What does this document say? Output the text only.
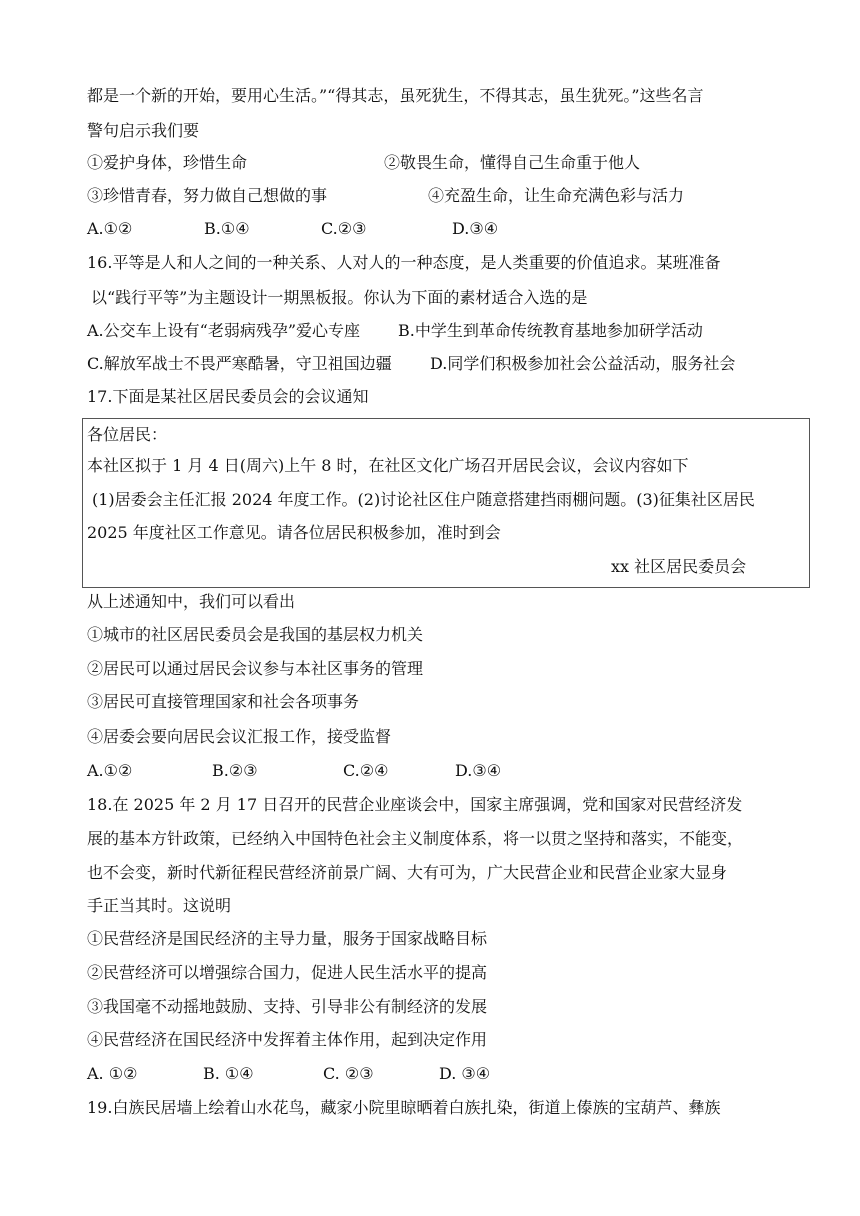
都是一个新的开始，要用心生活。”“得其志，虽死犹生，不得其志，虽生犹死。”这些名言
警句启示我们要
①爱护身体，珍惜生命	②敬畏生命，懂得自己生命重于他人
③珍惜青春，努力做自己想做的事	④充盈生命，让生命充满色彩与活力
A.①②	B.①④	C.②③	D.③④
16.平等是人和人之间的一种关系、人对人的一种态度，是人类重要的价值追求。某班准备
以“践行平等”为主题设计一期黑板报。你认为下面的素材适合入选的是
A.公交车上设有“老弱病残孕”爱心专座 B.中学生到革命传统教育基地参加研学活动
C.解放军战士不畏严寒酷暑，守卫祖国边疆 D.同学们积极参加社会公益活动，服务社会
17.下面是某社区居民委员会的会议通知
各位居民：
本社区拟于 1 月 4 日(周六)上午 8 时，在社区文化广场召开居民会议，会议内容如下
(1)居委会主任汇报 2024 年度工作。(2)讨论社区住户随意搭建挡雨棚问题。(3)征集社区居民
2025 年度社区工作意见。请各位居民积极参加，准时到会
xx 社区居民委员会
从上述通知中，我们可以看出
①城市的社区居民委员会是我国的基层权力机关
②居民可以通过居民会议参与本社区事务的管理
③居民可直接管理国家和社会各项事务
④居委会要向居民会议汇报工作，接受监督
A.①②	B.②③	C.②④	D.③④
18.在 2025 年 2 月 17 日召开的民营企业座谈会中，国家主席强调，党和国家对民营经济发
展的基本方针政策，已经纳入中国特色社会主义制度体系，将一以贯之坚持和落实，不能变，
也不会变，新时代新征程民营经济前景广阔、大有可为，广大民营企业和民营企业家大显身
手正当其时。这说明
①民营经济是国民经济的主导力量，服务于国家战略目标
②民营经济可以增强综合国力，促进人民生活水平的提高
③我国毫不动摇地鼓励、支持、引导非公有制经济的发展
④民营经济在国民经济中发挥着主体作用，起到决定作用
A. ①②	B. ①④	C. ②③	D. ③④
19.白族民居墙上绘着山水花鸟，藏家小院里晾晒着白族扎染，街道上傣族的宝葫芦、彝族
